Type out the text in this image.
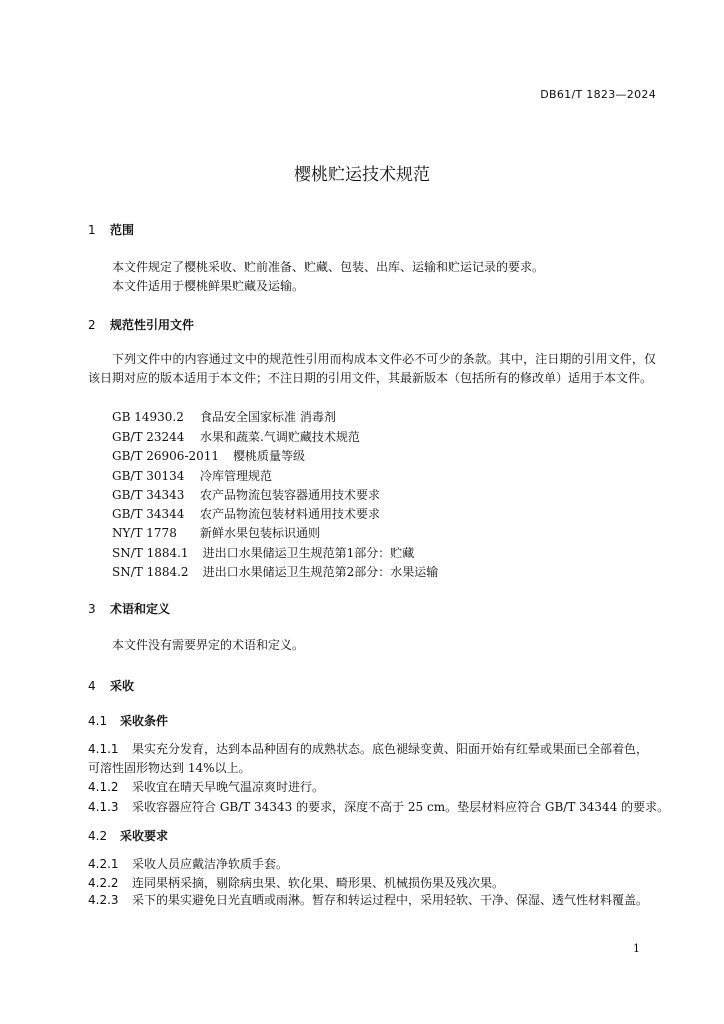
DB61/T 1823—2024
樱桃贮运技术规范
1 范围
本文件规定了樱桃采收、贮前准备、贮藏、包装、出库、运输和贮运记录的要求。
本文件适用于樱桃鲜果贮藏及运输。
2 规范性引用文件
下列文件中的内容通过文中的规范性引用而构成本文件必不可少的条款。其中，注日期的引用文件，仅该日期对应的版本适用于本文件；不注日期的引用文件，其最新版本（包括所有的修改单）适用于本文件。
GB 14930.2 食品安全国家标准 消毒剂
GB/T 23244 水果和蔬菜.气调贮藏技术规范
GB/T 26906-2011 樱桃质量等级
GB/T 30134 冷库管理规范
GB/T 34343 农产品物流包装容器通用技术要求
GB/T 34344 农产品物流包装材料通用技术要求
NY/T 1778 新鲜水果包装标识通则
SN/T 1884.1 进出口水果储运卫生规范第1部分：贮藏
SN/T 1884.2 进出口水果储运卫生规范第2部分：水果运输
3 术语和定义
本文件没有需要界定的术语和定义。
4 采收
4.1 采收条件
4.1.1 果实充分发育，达到本品种固有的成熟状态。底色褪绿变黄、阳面开始有红晕或果面已全部着色，可溶性固形物达到 14%以上。
4.1.2 采收宜在晴天早晚气温凉爽时进行。
4.1.3 采收容器应符合 GB/T 34343 的要求，深度不高于 25 cm。垫层材料应符合 GB/T 34344 的要求。
4.2 采收要求
4.2.1 采收人员应戴洁净软质手套。
4.2.2 连同果柄采摘，剔除病虫果、软化果、畸形果、机械损伤果及残次果。
4.2.3 采下的果实避免日光直晒或雨淋。暂存和转运过程中，采用轻软、干净、保湿、透气性材料覆盖。
1
